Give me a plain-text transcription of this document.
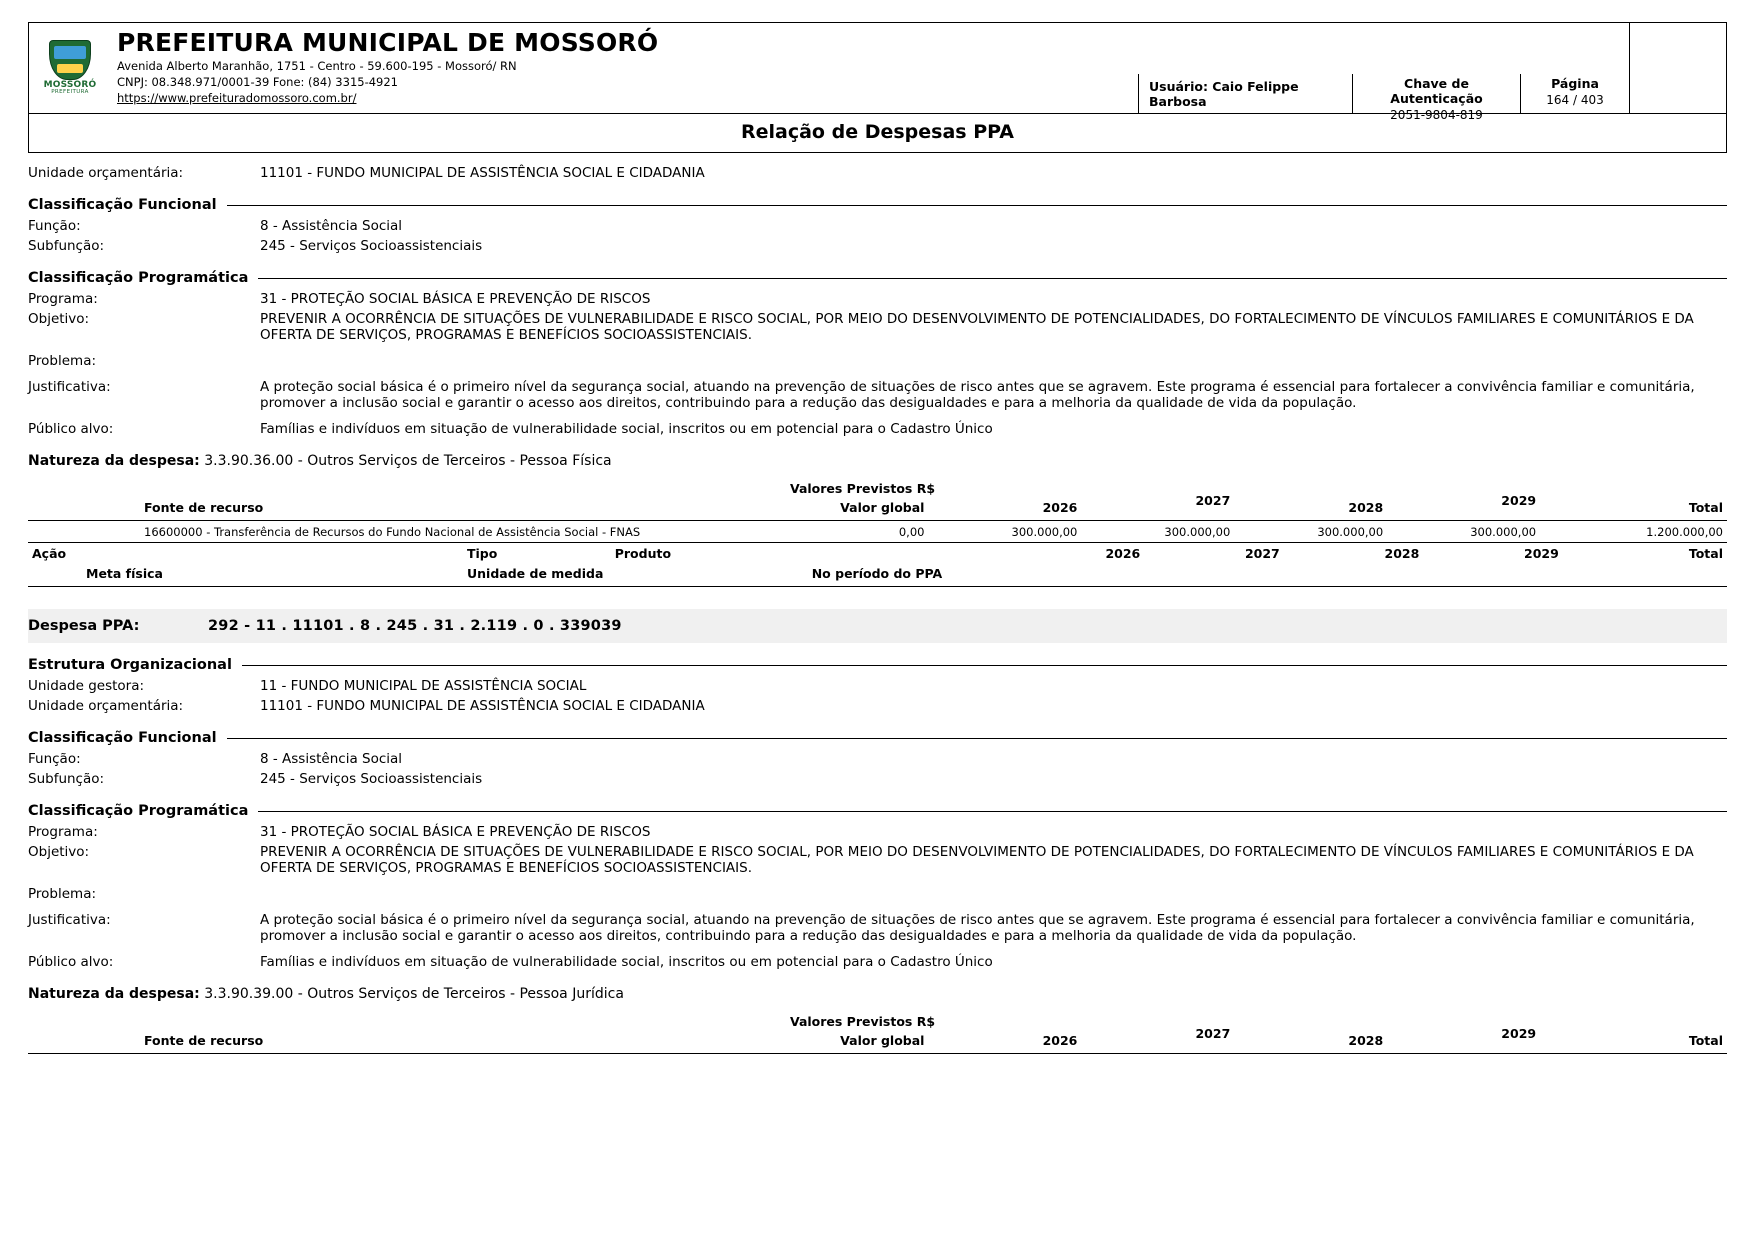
MOSSORÓ
PREFEITURA
PREFEITURA MUNICIPAL DE MOSSORÓ
Avenida Alberto Maranhão, 1751 - Centro - 59.600-195 - Mossoró/ RN
CNPJ: 08.348.971/0001-39 Fone: (84) 3315-4921
https://www.prefeituradomossoro.com.br/
Usuário: Caio Felippe Barbosa
Chave de Autenticação
2051-9804-819
Página
164 / 403
Relação de Despesas PPA
Unidade orçamentária:	11101 - FUNDO MUNICIPAL DE ASSISTÊNCIA SOCIAL E CIDADANIA
Classificação Funcional
Função:	8 - Assistência Social
Subfunção:	245 - Serviços Socioassistenciais
Classificação Programática
Programa:	31 - PROTEÇÃO SOCIAL BÁSICA E PREVENÇÃO DE RISCOS
Objetivo:	PREVENIR A OCORRÊNCIA DE SITUAÇÕES DE VULNERABILIDADE E RISCO SOCIAL, POR MEIO DO DESENVOLVIMENTO DE POTENCIALIDADES, DO FORTALECIMENTO DE VÍNCULOS FAMILIARES E COMUNITÁRIOS E DA OFERTA DE SERVIÇOS, PROGRAMAS E BENEFÍCIOS SOCIOASSISTENCIAIS.
Problema:
Justificativa:	A proteção social básica é o primeiro nível da segurança social, atuando na prevenção de situações de risco antes que se agravem. Este programa é essencial para fortalecer a convivência familiar e comunitária, promover a inclusão social e garantir o acesso aos direitos, contribuindo para a redução das desigualdades e para a melhoria da qualidade de vida da população.
Público alvo:	Famílias e indivíduos em situação de vulnerabilidade social, inscritos ou em potencial para o Cadastro Único
Natureza da despesa: 3.3.90.36.00 - Outros Serviços de Terceiros - Pessoa Física
Valores Previstos R$
Fonte de recurso	Valor global	2026	2027	2028	2029	Total
16600000 - Transferência de Recursos do Fundo Nacional de Assistência Social - FNAS	0,00	300.000,00	300.000,00	300.000,00	300.000,00	1.200.000,00
Ação	Tipo	Produto		2026	2027	2028	2029	Total
Meta física	Unidade de medida		No período do PPA					
Despesa PPA:	292 - 11 . 11101 . 8 . 245 . 31 . 2.119 . 0 . 339039
Estrutura Organizacional
Unidade gestora:	11 - FUNDO MUNICIPAL DE ASSISTÊNCIA SOCIAL
Unidade orçamentária:	11101 - FUNDO MUNICIPAL DE ASSISTÊNCIA SOCIAL E CIDADANIA
Classificação Funcional
Função:	8 - Assistência Social
Subfunção:	245 - Serviços Socioassistenciais
Classificação Programática
Programa:	31 - PROTEÇÃO SOCIAL BÁSICA E PREVENÇÃO DE RISCOS
Objetivo:	PREVENIR A OCORRÊNCIA DE SITUAÇÕES DE VULNERABILIDADE E RISCO SOCIAL, POR MEIO DO DESENVOLVIMENTO DE POTENCIALIDADES, DO FORTALECIMENTO DE VÍNCULOS FAMILIARES E COMUNITÁRIOS E DA OFERTA DE SERVIÇOS, PROGRAMAS E BENEFÍCIOS SOCIOASSISTENCIAIS.
Problema:
Justificativa:	A proteção social básica é o primeiro nível da segurança social, atuando na prevenção de situações de risco antes que se agravem. Este programa é essencial para fortalecer a convivência familiar e comunitária, promover a inclusão social e garantir o acesso aos direitos, contribuindo para a redução das desigualdades e para a melhoria da qualidade de vida da população.
Público alvo:	Famílias e indivíduos em situação de vulnerabilidade social, inscritos ou em potencial para o Cadastro Único
Natureza da despesa: 3.3.90.39.00 - Outros Serviços de Terceiros - Pessoa Jurídica
Valores Previstos R$
Fonte de recurso	Valor global	2026	2027	2028	2029	Total
